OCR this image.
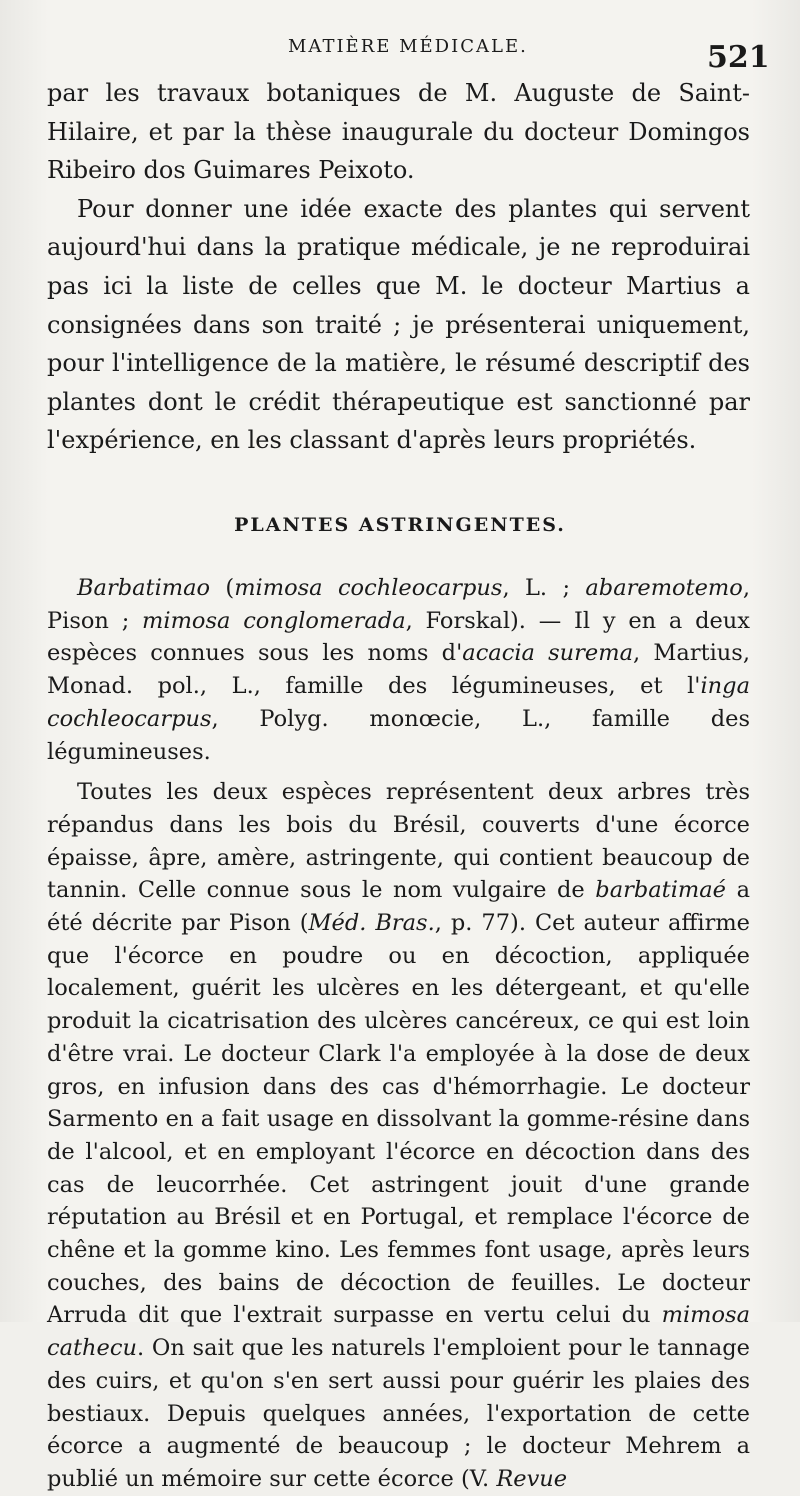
MATIÈRE MÉDICALE.	521

par les travaux botaniques de M. Auguste de Saint-Hilaire, et par la thèse inaugurale du docteur Domingos Ribeiro dos Guimares Peixoto.

Pour donner une idée exacte des plantes qui servent aujourd'hui dans la pratique médicale, je ne reproduirai pas ici la liste de celles que M. le docteur Martius a consignées dans son traité ; je présenterai uniquement, pour l'intelligence de la matière, le résumé descriptif des plantes dont le crédit thérapeutique est sanctionné par l'expérience, en les classant d'après leurs propriétés.

PLANTES ASTRINGENTES.

Barbatimao (mimosa cochleocarpus, L. ; abaremotemo, Pison ; mimosa conglomerada, Forskal). — Il y en a deux espèces connues sous les noms d'acacia surema, Martius, Monad. pol., L., famille des légumineuses, et l'inga cochleocarpus, Polyg. monœcie, L., famille des légumineuses.

Toutes les deux espèces représentent deux arbres très répandus dans les bois du Brésil, couverts d'une écorce épaisse, âpre, amère, astringente, qui contient beaucoup de tannin. Celle connue sous le nom vulgaire de barbatimaé a été décrite par Pison (Méd. Bras., p. 77). Cet auteur affirme que l'écorce en poudre ou en décoction, appliquée localement, guérit les ulcères en les détergeant, et qu'elle produit la cicatrisation des ulcères cancéreux, ce qui est loin d'être vrai. Le docteur Clark l'a employée à la dose de deux gros, en infusion dans des cas d'hémorrhagie. Le docteur Sarmento en a fait usage en dissolvant la gomme-résine dans de l'alcool, et en employant l'écorce en décoction dans des cas de leucorrhée. Cet astringent jouit d'une grande réputation au Brésil et en Portugal, et remplace l'écorce de chêne et la gomme kino. Les femmes font usage, après leurs couches, des bains de décoction de feuilles. Le docteur Arruda dit que l'extrait surpasse en vertu celui du mimosa cathecu. On sait que les naturels l'emploient pour le tannage des cuirs, et qu'on s'en sert aussi pour guérir les plaies des bestiaux. Depuis quelques années, l'exportation de cette écorce a augmenté de beaucoup ; le docteur Mehrem a publié un mémoire sur cette écorce (V. Revue
